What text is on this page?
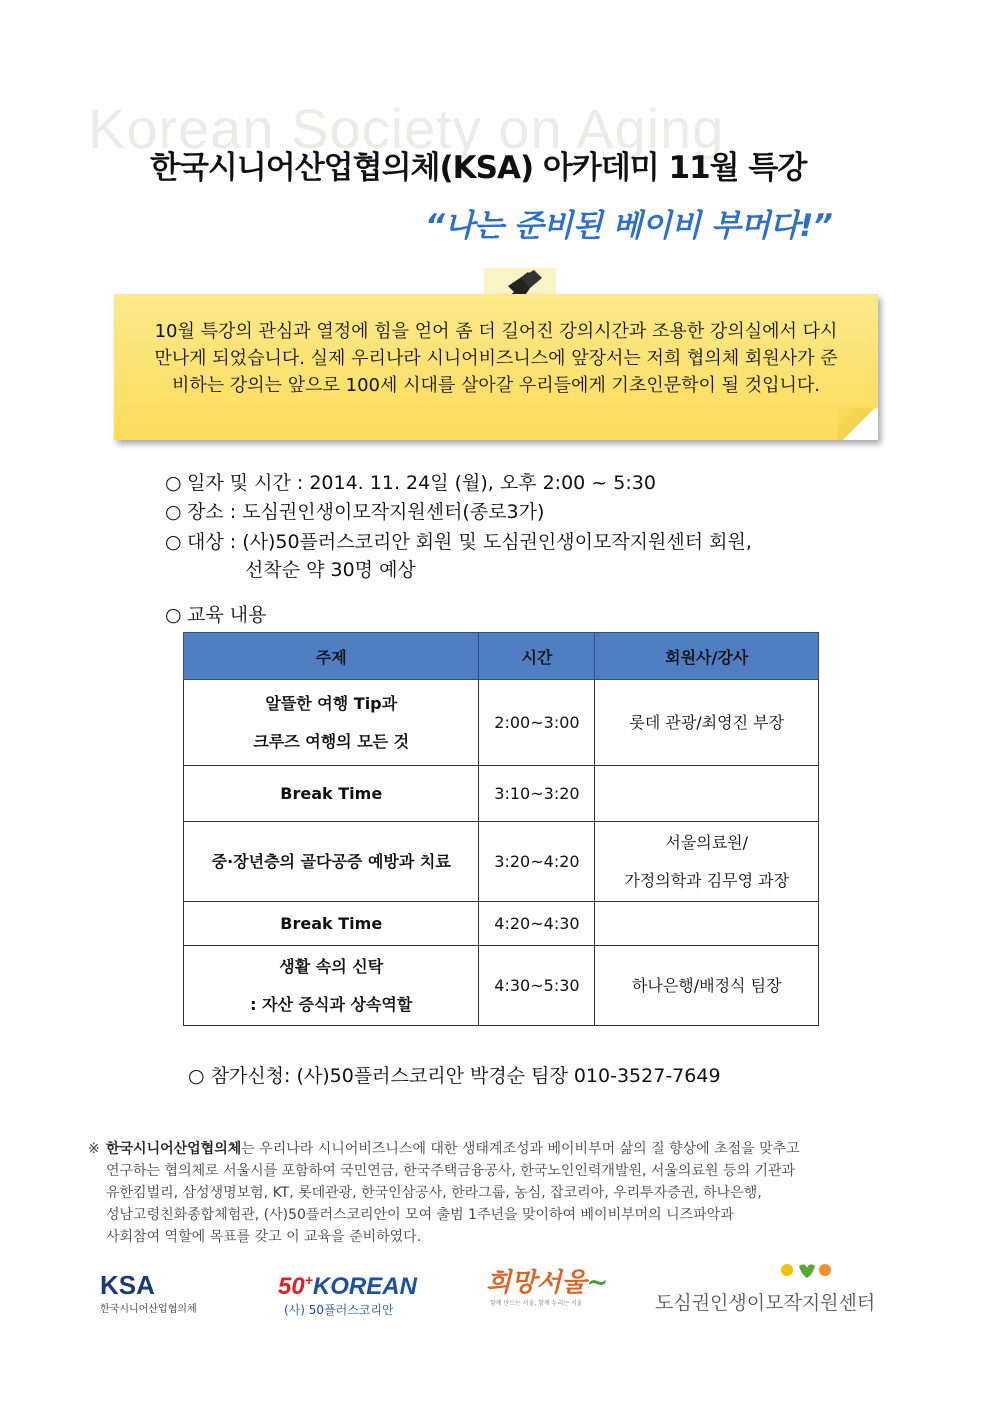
Korean Society on Aging
한국시니어산업협의체(KSA) 아카데미 11월 특강
“나는 준비된 베이비 부머다!”
10월 특강의 관심과 열정에 힘을 얻어 좀 더 길어진 강의시간과 조용한 강의실에서 다시
만나게 되었습니다. 실제 우리나라 시니어비즈니스에 앞장서는 저희 협의체 회원사가 준
비하는 강의는 앞으로 100세 시대를 살아갈 우리들에게 기초인문학이 될 것입니다.
○ 일자 및 시간 : 2014. 11. 24일 (월), 오후 2:00 ~ 5:30
○ 장소 : 도심권인생이모작지원센터(종로3가)
○ 대상 : (사)50플러스코리안 회원 및 도심권인생이모작지원센터 회원,
선착순 약 30명 예상
○ 교육 내용
주제	시간	회원사/강사

알뜰한 여행 Tip과
크루즈 여행의 모든 것	2:00~3:00	롯데 관광/최영진 부장
Break Time	3:10~3:20	
중·장년층의 골다공증 예방과 치료	3:20~4:20	서울의료원/
가정의학과 김무영 과장

Break Time	4:20~4:30	

생활 속의 신탁
: 자산 증식과 상속역할	4:30~5:30	하나은행/배정식 팀장
○ 참가신청: (사)50플러스코리안 박경순 팀장 010-3527-7649
※ 한국시니어산업협의체는 우리나라 시니어비즈니스에 대한 생태계조성과 베이비부머 삶의 질 향상에 초점을 맞추고
연구하는 협의체로 서울시를 포함하여 국민연금, 한국주택금융공사, 한국노인인력개발원, 서울의료원 등의 기관과
유한킴벌리, 삼성생명보험, KT, 롯데관광, 한국인삼공사, 한라그룹, 농심, 잡코리아, 우리투자증권, 하나은행,
성남고령친화종합체험관, (사)50플러스코리안이 모여 출범 1주년을 맞이하여 베이비부머의 니즈파악과
사회참여 역할에 목표를 갖고 이 교육을 준비하였다.
KSA
한국시니어산업협의체
50+KOREAN
(사) 50플러스코리안
희망서울~
함께 만드는 서울, 함께 누리는 서울	도심권인생이모작지원센터
